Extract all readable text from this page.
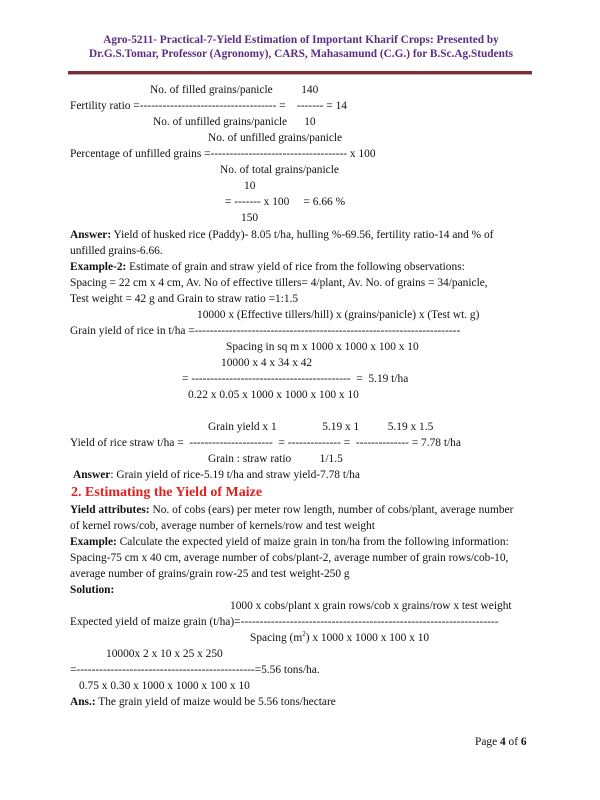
Agro-5211- Practical-7-Yield Estimation of Important Kharif Crops: Presented by
Dr.G.S.Tomar, Professor (Agronomy), CARS, Mahasamund (C.G.) for B.Sc.Ag.Students
No. of filled grains/panicle          140
Fertility ratio =------------------------------------ =    ------- = 14
No. of unfilled grains/panicle      10
No. of unfilled grains/panicle
Percentage of unfilled grains =------------------------------------ x 100
No. of total grains/panicle
10
= ------- x 100     = 6.66 %
150
Answer: Yield of husked rice (Paddy)- 8.05 t/ha, hulling %-69.56, fertility ratio-14 and % of
unfilled grains-6.66.
Example-2: Estimate of grain and straw yield of rice from the following observations:
Spacing = 22 cm x 4 cm, Av. No of effective tillers= 4/plant, Av. No. of grains = 34/panicle,
Test weight = 42 g and Grain to straw ratio =1:1.5
10000 x (Effective tillers/hill) x (grains/panicle) x (Test wt. g)
Grain yield of rice in t/ha =----------------------------------------------------------------------
Spacing in sq m x 1000 x 1000 x 100 x 10
10000 x 4 x 34 x 42
= ------------------------------------------  =  5.19 t/ha
0.22 x 0.05 x 1000 x 1000 x 100 x 10
Grain yield x 1                5.19 x 1          5.19 x 1.5
Yield of rice straw t/ha =  ----------------------  = -------------- =  -------------- = 7.78 t/ha
Grain : straw ratio          1/1.5
Answer: Grain yield of rice-5.19 t/ha and straw yield-7.78 t/ha
2. Estimating the Yield of Maize
Yield attributes: No. of cobs (ears) per meter row length, number of cobs/plant, average number
of kernel rows/cob, average number of kernels/row and test weight
Example: Calculate the expected yield of maize grain in ton/ha from the following information:
Spacing-75 cm x 40 cm, average number of cobs/plant-2, average number of grain rows/cob-10,
average number of grains/grain row-25 and test weight-250 g
Solution:
1000 x cobs/plant x grain rows/cob x grains/row x test weight
Expected yield of maize grain (t/ha)=--------------------------------------------------------------------
Spacing $(m^2)$ x 1000 x 1000 x 100 x 10
10000x 2 x 10 x 25 x 250
=-----------------------------------------------=5.56 tons/ha.
0.75 x 0.30 x 1000 x 1000 x 100 x 10
Ans.: The grain yield of maize would be 5.56 tons/hectare
Page 4 of 6
